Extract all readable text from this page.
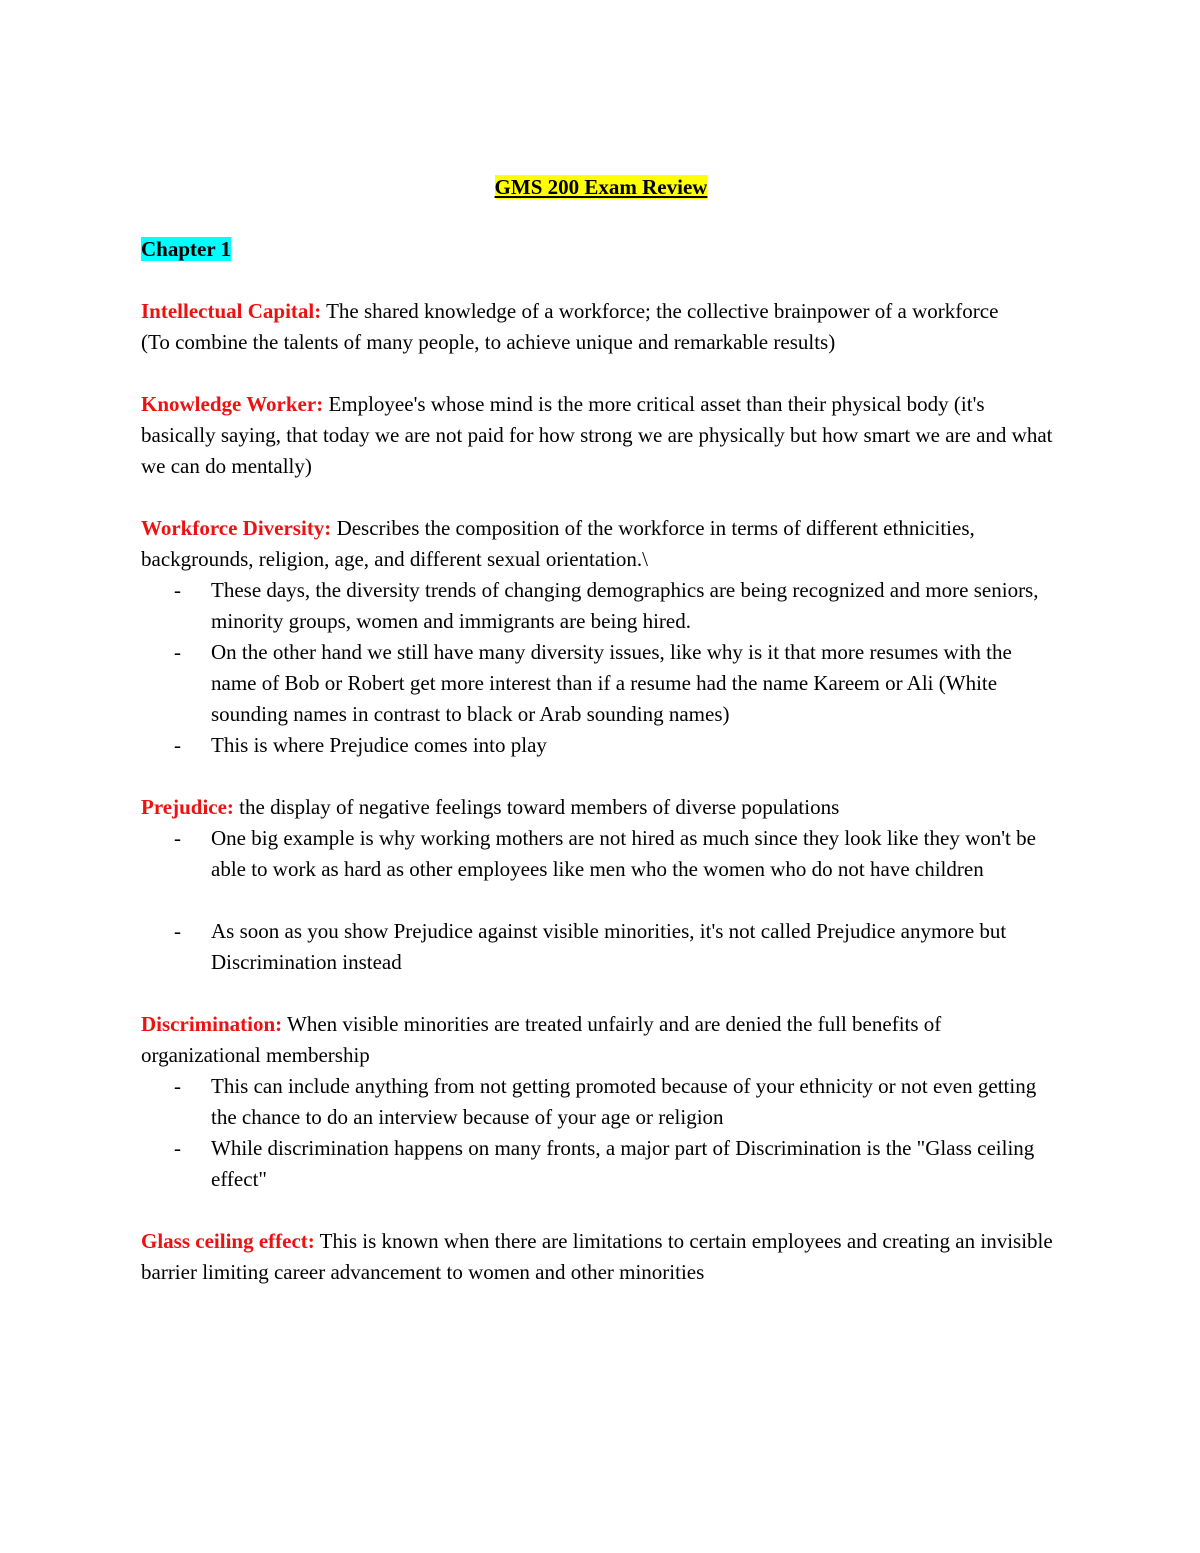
GMS 200 Exam Review

Chapter 1

Intellectual Capital: The shared knowledge of a workforce; the collective brainpower of a workforce

(To combine the talents of many people, to achieve unique and remarkable results)

Knowledge Worker: Employee's whose mind is the more critical asset than their physical body (it's basically saying, that today we are not paid for how strong we are physically but how smart we are and what we can do mentally)

Workforce Diversity: Describes the composition of the workforce in terms of different ethnicities, backgrounds, religion, age, and different sexual orientation.\

- These days, the diversity trends of changing demographics are being recognized and more seniors, minority groups, women and immigrants are being hired.
- On the other hand we still have many diversity issues, like why is it that more resumes with the name of Bob or Robert get more interest than if a resume had the name Kareem or Ali (White sounding names in contrast to black or Arab sounding names)
- This is where Prejudice comes into play

Prejudice: the display of negative feelings toward members of diverse populations

- One big example is why working mothers are not hired as much since they look like they won't be able to work as hard as other employees like men who the women who do not have children
- As soon as you show Prejudice against visible minorities, it's not called Prejudice anymore but Discrimination instead

Discrimination: When visible minorities are treated unfairly and are denied the full benefits of organizational membership

- This can include anything from not getting promoted because of your ethnicity or not even getting the chance to do an interview because of your age or religion
- While discrimination happens on many fronts, a major part of Discrimination is the "Glass ceiling effect"

Glass ceiling effect: This is known when there are limitations to certain employees and creating an invisible barrier limiting career advancement to women and other minorities
